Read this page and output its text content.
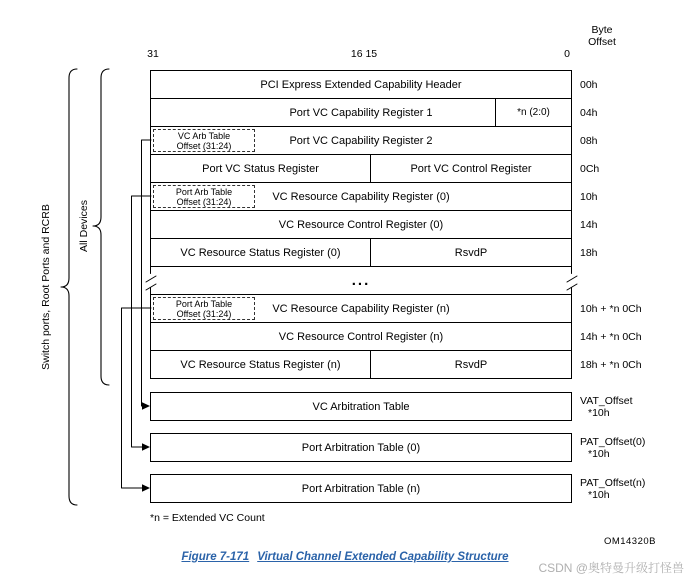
Switch ports, Root Ports and RCRB All Devices
31	16 15	0
Byte
Offset
PCI Express Extended Capability Header	00h
Port VC Capability Register 1	*n (2:0)	04h
VC Arb Table
Offset (31:24)	Port VC Capability Register 2	08h
Port VC Status Register	Port VC Control Register	0Ch
Port Arb Table
Offset (31:24)	VC Resource Capability Register (0)	10h
VC Resource Control Register (0)	14h
VC Resource Status Register (0)	RsvdP	18h
...
Port Arb Table
Offset (31:24)	VC Resource Capability Register (n)	10h + *n 0Ch
VC Resource Control Register (n)	14h + *n 0Ch
VC Resource Status Register (n)	RsvdP	18h + *n 0Ch
VC Arbitration Table	VAT_Offset
*10h
Port Arbitration Table (0)	PAT_Offset(0)
*10h
Port Arbitration Table (n)	PAT_Offset(n)
*10h
*n = Extended VC Count
OM14320B
Figure 7-171 Virtual Channel Extended Capability Structure
CSDN @奥特曼升级打怪兽
